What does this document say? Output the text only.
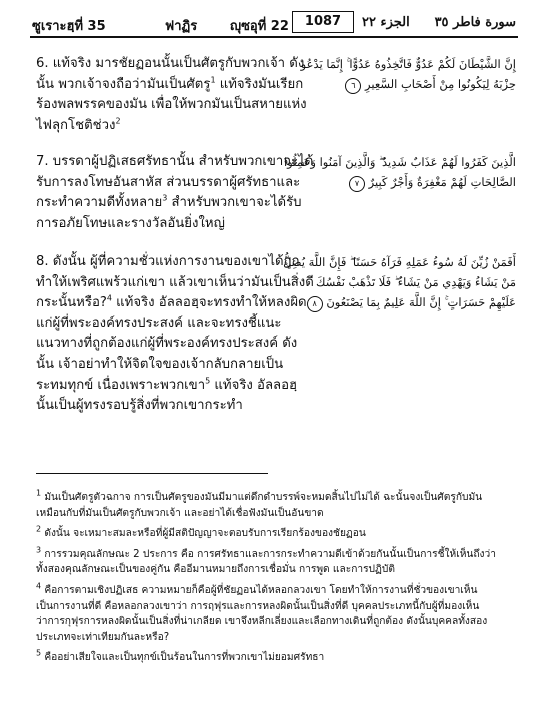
ซูเราะฮฺที่ 35	ฟาฏิร	ญุซอุที่ 22	1087	الجزء ٢٢ سورة فاطر ٣٥
6. แท้จริง มารชัยฏอนนั้นเป็นศัตรูกับพวกเจ้า ดังนั้น พวกเจ้าจงถือว่ามันเป็นศัตรู$^1$ แท้จริงมันเรียกร้องพลพรรคของมัน เพื่อให้พวกมันเป็นสหายแห่งไฟลุกโชติช่วง$^2$
إِنَّ الشَّيْطَانَ لَكُمْ عَدُوٌّ فَاتَّخِذُوهُ عَدُوًّا ۚ إِنَّمَا يَدْعُو
حِزْبَهُ لِيَكُونُوا مِنْ أَصْحَابِ السَّعِيرِ ٦
7. บรรดาผู้ปฏิเสธศรัทธานั้น สำหรับพวกเขาจะได้รับการลงโทษอันสาหัส ส่วนบรรดาผู้ศรัทธาและกระทำความดีทั้งหลาย$^3$ สำหรับพวกเขาจะได้รับการอภัยโทษและรางวัลอันยิ่งใหญ่
الَّذِينَ كَفَرُوا لَهُمْ عَذَابٌ شَدِيدٌ ۖ وَالَّذِينَ آمَنُوا وَعَمِلُوا
الصَّالِحَاتِ لَهُمْ مَغْفِرَةٌ وَأَجْرٌ كَبِيرٌ ٧
8. ดังนั้น ผู้ที่ความชั่วแห่งการงานของเขาได้ถูกทำให้เพริศแพร้วแก่เขา แล้วเขาเห็นว่ามันเป็นสิ่งดีกระนั้นหรือ?$^4$ แท้จริง อัลลอฮฺจะทรงทำให้หลงผิดแก่ผู้ที่พระองค์ทรงประสงค์ และจะทรงชี้แนะแนวทางที่ถูกต้องแก่ผู้ที่พระองค์ทรงประสงค์ ดังนั้น เจ้าอย่าทำให้จิตใจของเจ้ากลับกลายเป็นระทมทุกข์ เนื่องเพราะพวกเขา$^5$ แท้จริง อัลลอฮฺนั้นเป็นผู้ทรงรอบรู้สิ่งที่พวกเขากระทำ
أَفَمَنْ زُيِّنَ لَهُ سُوءُ عَمَلِهِ فَرَآهُ حَسَنًا ۖ فَإِنَّ اللَّهَ يُضِلُّ
مَنْ يَشَاءُ وَيَهْدِي مَنْ يَشَاءُ ۖ فَلَا تَذْهَبْ نَفْسُكَ
عَلَيْهِمْ حَسَرَاتٍ ۚ إِنَّ اللَّهَ عَلِيمٌ بِمَا يَصْنَعُونَ ٨
$^1$ มันเป็นศัตรูตัวฉกาจ การเป็นศัตรูของมันมีมาแต่ดึกดำบรรพ์จะหมดสิ้นไปไม่ได้ ฉะนั้นจงเป็นศัตรูกับมัน เหมือนกับที่มันเป็นศัตรูกับพวกเจ้า และอย่าได้เชื่อฟังมันเป็นอันขาด
$^2$ ดังนั้น จะเหมาะสมละหรือที่ผู้มีสติปัญญาจะตอบรับการเรียกร้องของชัยฏอน
$^3$ การรวมคุณลักษณะ 2 ประการ คือ การศรัทธาและการกระทำความดีเข้าด้วยกันนั้นเป็นการชี้ให้เห็นถึงว่าทั้งสองคุณลักษณะเป็นของคู่กัน คืออีมานหมายถึงการเชื่อมั่น การพูด และการปฏิบัติ
$^4$ คือการตามเชิงปฏิเสธ ความหมายก็คือผู้ที่ชัยฏอนได้หลอกลวงเขา โดยทำให้การงานที่ชั่วของเขาเห็นเป็นการงานที่ดี คือหลอกลวงเขาว่า การฤฟุรและการหลงผิดนั้นเป็นสิ่งที่ดี บุคคลประเภทนี้กับผู้ที่มองเห็นว่าการกุฟุรการหลงผิดนั้นเป็นสิ่งที่น่าเกลียด เขาจึงหลีกเลี่ยงและเลือกทางเดินที่ถูกต้อง ดังนั้นบุคคลทั้งสองประเภทจะเท่าเทียมกันละหรือ?
$^5$ คืออย่าเสียใจและเป็นทุกข์เป็นร้อนในการที่พวกเขาไม่ยอมศรัทธา
